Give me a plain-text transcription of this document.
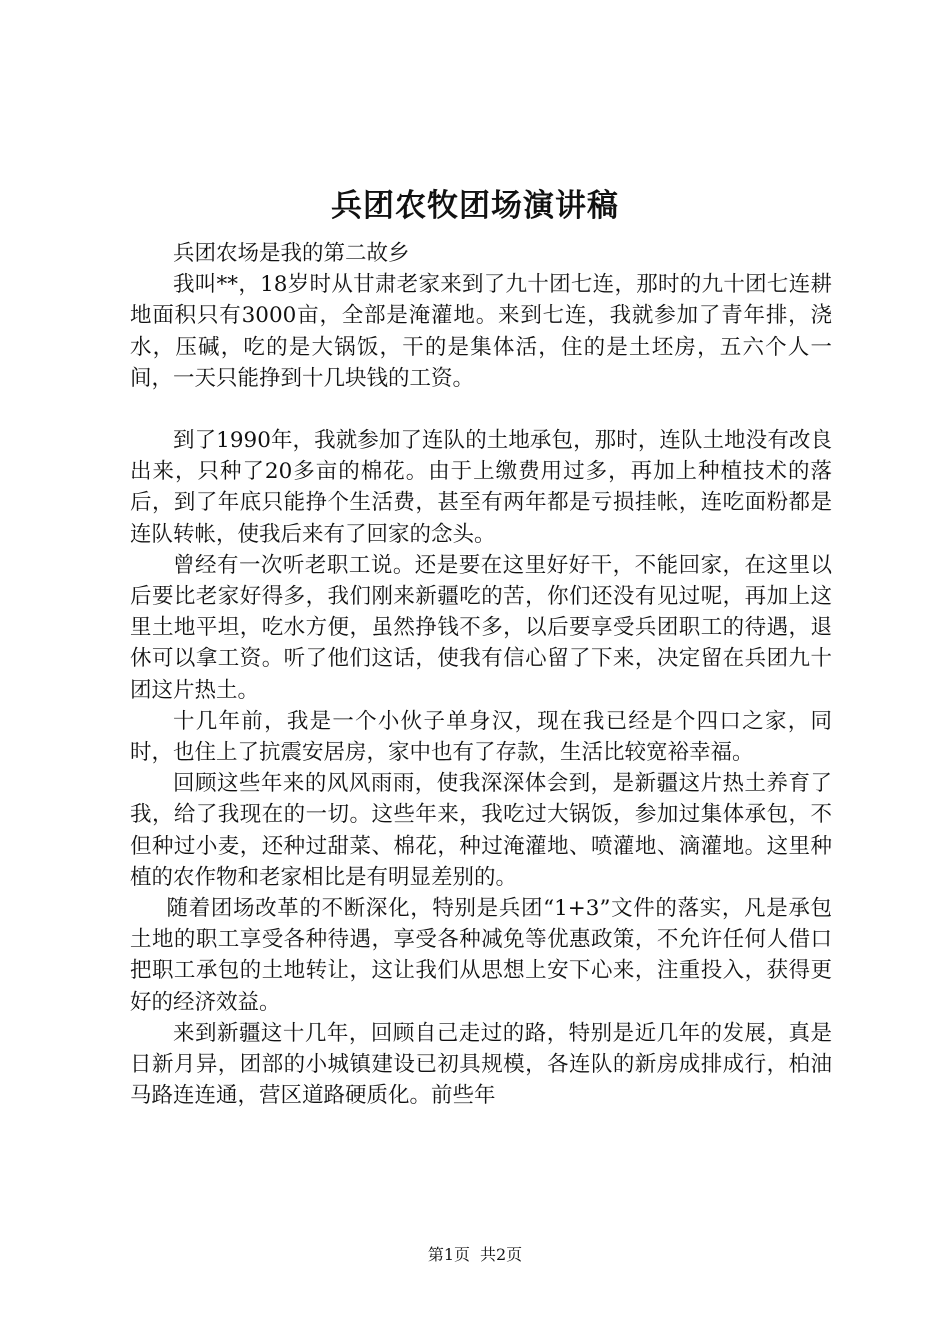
兵团农牧团场演讲稿

兵团农场是我的第二故乡

我叫**，18岁时从甘肃老家来到了九十团七连，那时的九十团七连耕地面积只有3000亩，全部是淹灌地。来到七连，我就参加了青年排，浇水，压碱，吃的是大锅饭，干的是集体活，住的是土坯房，五六个人一间，一天只能挣到十几块钱的工资。

到了1990年，我就参加了连队的土地承包，那时，连队土地没有改良出来，只种了20多亩的棉花。由于上缴费用过多，再加上种植技术的落后，到了年底只能挣个生活费，甚至有两年都是亏损挂帐，连吃面粉都是连队转帐，使我后来有了回家的念头。

曾经有一次听老职工说。还是要在这里好好干，不能回家，在这里以后要比老家好得多，我们刚来新疆吃的苦，你们还没有见过呢，再加上这里土地平坦，吃水方便，虽然挣钱不多，以后要享受兵团职工的待遇，退休可以拿工资。听了他们这话，使我有信心留了下来，决定留在兵团九十团这片热土。

十几年前，我是一个小伙子单身汉，现在我已经是个四口之家，同时，也住上了抗震安居房，家中也有了存款，生活比较宽裕幸福。

回顾这些年来的风风雨雨，使我深深体会到，是新疆这片热土养育了我，给了我现在的一切。这些年来，我吃过大锅饭，参加过集体承包，不但种过小麦，还种过甜菜、棉花，种过淹灌地、喷灌地、滴灌地。这里种植的农作物和老家相比是有明显差别的。

随着团场改革的不断深化，特别是兵团“1+3”文件的落实，凡是承包土地的职工享受各种待遇，享受各种减免等优惠政策，不允许任何人借口把职工承包的土地转让，这让我们从思想上安下心来，注重投入，获得更好的经济效益。

来到新疆这十几年，回顾自己走过的路，特别是近几年的发展，真是日新月异，团部的小城镇建设已初具规模，各连队的新房成排成行，柏油马路连连通，营区道路硬质化。前些年

第1页 共2页
